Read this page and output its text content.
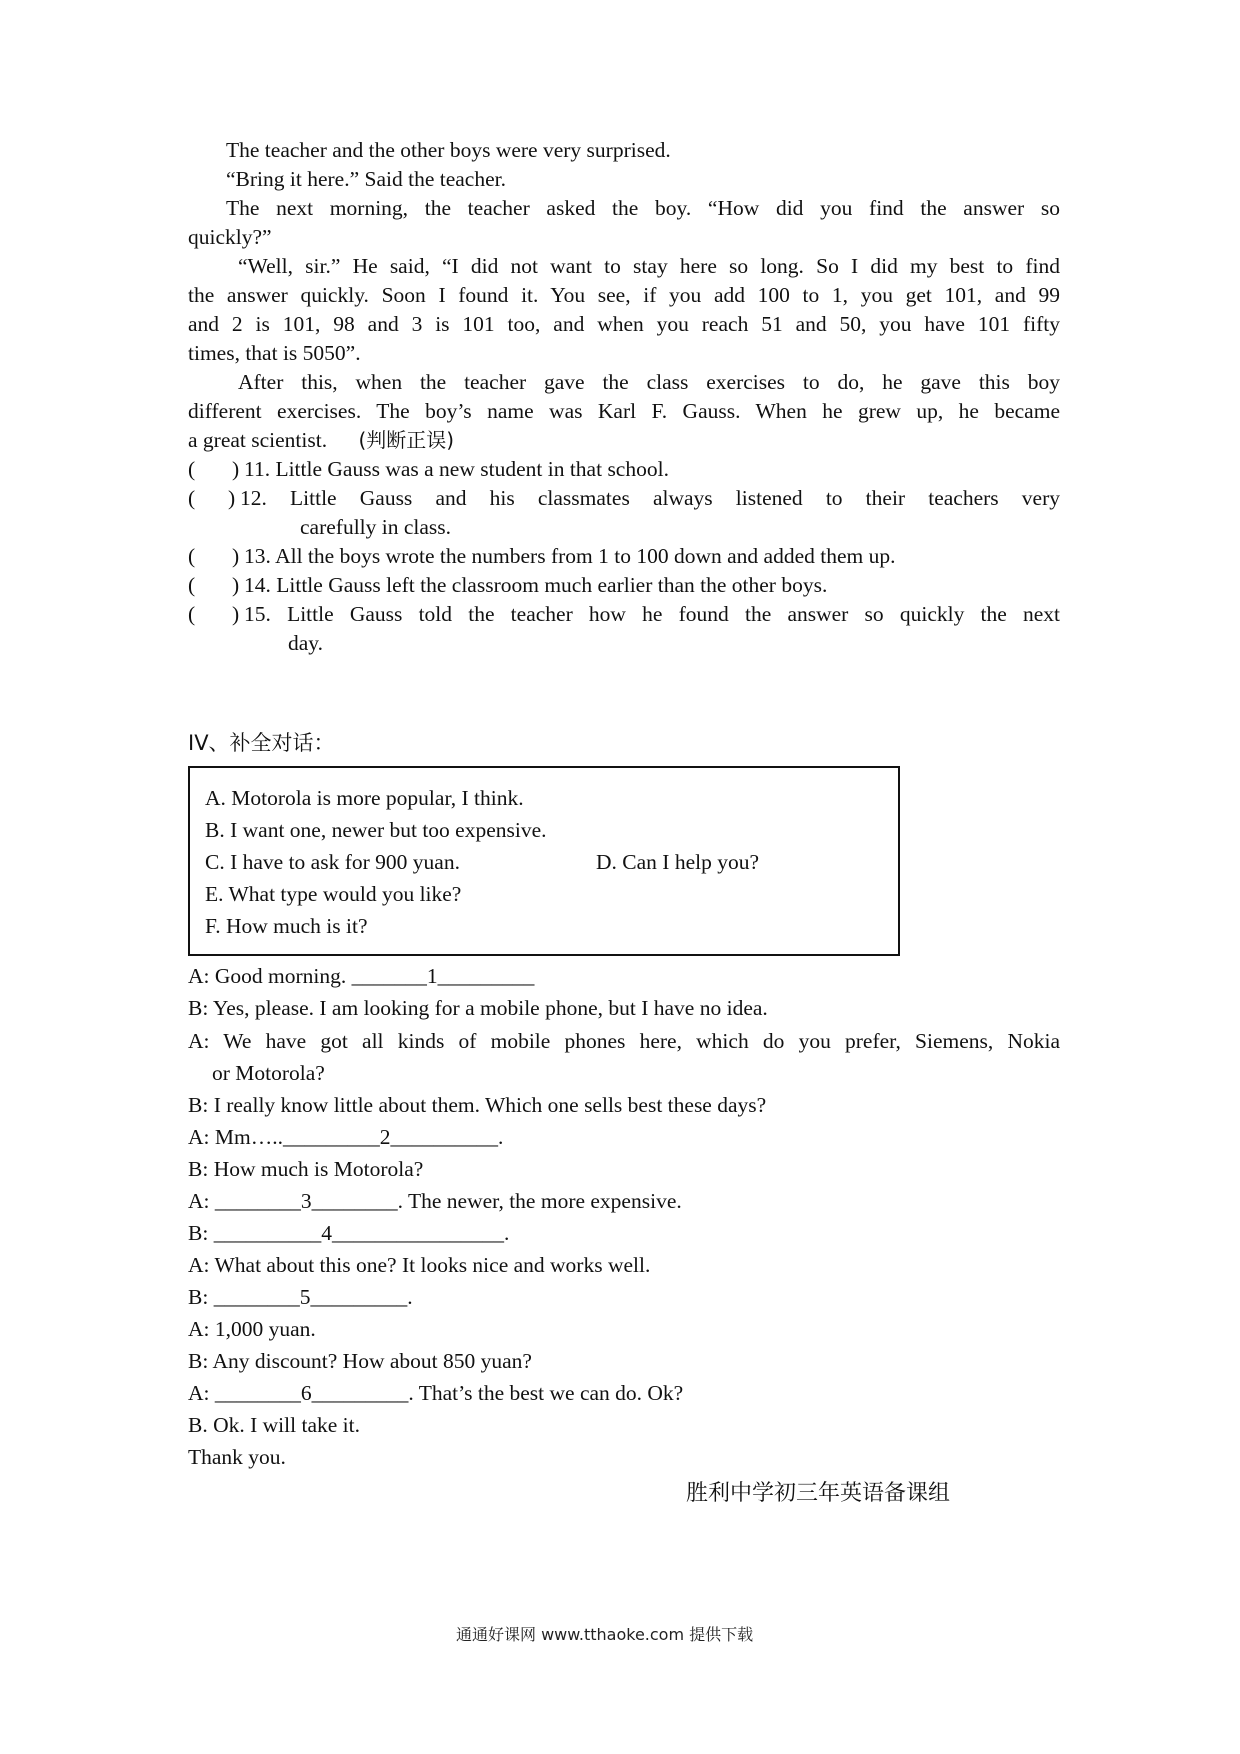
The teacher and the other boys were very surprised.
“Bring it here.” Said the teacher.
The next morning, the teacher asked the boy. “How did you find the answer so
quickly?”
“Well, sir.” He said, “I did not want to stay here so long. So I did my best to find
the answer quickly. Soon I found it. You see, if you add 100 to 1, you get 101, and 99
and 2 is 101, 98 and 3 is 101 too, and when you reach 51 and 50, you have 101 fifty
times, that is 5050”.
After this, when the teacher gave the class exercises to do, he gave this boy
different exercises. The boy’s name was Karl F. Gauss. When he grew up, he became
a great scientist. (判断正误)
( ) 11. Little Gauss was a new student in that school.
( ) 12. Little Gauss and his classmates always listened to their teachers very
carefully in class.
( ) 13. All the boys wrote the numbers from 1 to 100 down and added them up.
( ) 14. Little Gauss left the classroom much earlier than the other boys.
( ) 15. Little Gauss told the teacher how he found the answer so quickly the next
day.
IV、补全对话：
A. Motorola is more popular, I think.
B. I want one, newer but too expensive.
C. I have to ask for 900 yuan.	D. Can I help you?
E. What type would you like?
F. How much is it?
A: Good morning. _______1_________
B: Yes, please. I am looking for a mobile phone, but I have no idea.
A: We have got all kinds of mobile phones here, which do you prefer, Siemens, Nokia
or Motorola?
B: I really know little about them. Which one sells best these days?
A: Mm….._________2__________.
B: How much is Motorola?
A: ________3________. The newer, the more expensive.
B: __________4________________.
A: What about this one? It looks nice and works well.
B: ________5_________.
A: 1,000 yuan.
B: Any discount? How about 850 yuan?
A: ________6_________. That’s the best we can do. Ok?
B. Ok. I will take it.
Thank you.
胜利中学初三年英语备课组
通通好课网 www.tthaoke.com 提供下载
